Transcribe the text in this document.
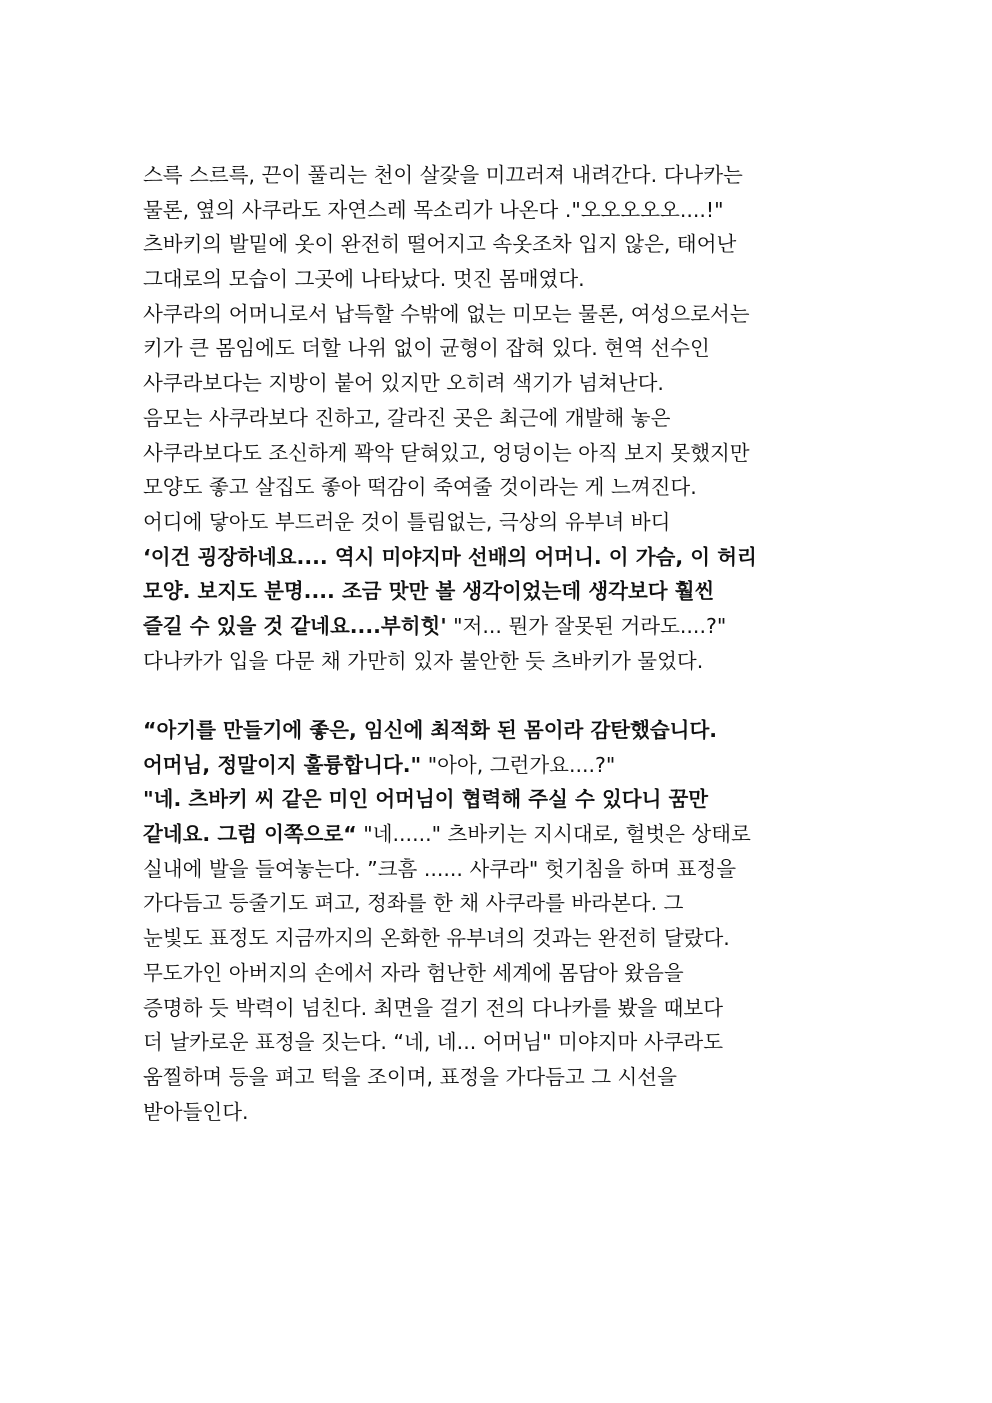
스륵 스르륵, 끈이 풀리는 천이 살갗을 미끄러져 내려간다. 다나카는
물론, 옆의 사쿠라도 자연스레 목소리가 나온다 ."오오오오오....!"
츠바키의 발밑에 옷이 완전히 떨어지고 속옷조차 입지 않은, 태어난
그대로의 모습이 그곳에 나타났다. 멋진 몸매였다.
사쿠라의 어머니로서 납득할 수밖에 없는 미모는 물론, 여성으로서는
키가 큰 몸임에도 더할 나위 없이 균형이 잡혀 있다. 현역 선수인
사쿠라보다는 지방이 붙어 있지만 오히려 색기가 넘쳐난다.
음모는 사쿠라보다 진하고, 갈라진 곳은 최근에 개발해 놓은
사쿠라보다도 조신하게 꽉악 닫혀있고, 엉덩이는 아직 보지 못했지만
모양도 좋고 살집도 좋아 떡감이 죽여줄 것이라는 게 느껴진다.
어디에 닿아도 부드러운 것이 틀림없는, 극상의 유부녀 바디
‘이건 굉장하네요.... 역시 미야지마 선배의 어머니. 이 가슴, 이 허리
모양. 보지도 분명.... 조금 맛만 볼 생각이었는데 생각보다 훨씬
즐길 수 있을 것 같네요....부히힛' "저... 뭔가 잘못된 거라도....?"
다나카가 입을 다문 채 가만히 있자 불안한 듯 츠바키가 물었다.
“아기를 만들기에 좋은, 임신에 최적화 된 몸이라 감탄했습니다.
어머님, 정말이지 훌륭합니다." "아아, 그런가요....?"
"네. 츠바키 씨 같은 미인 어머님이 협력해 주실 수 있다니 꿈만
같네요. 그럼 이쪽으로“ "네......" 츠바키는 지시대로, 헐벗은 상태로
실내에 발을 들여놓는다. ”크흠 ...... 사쿠라" 헛기침을 하며 표정을
가다듬고 등줄기도 펴고, 정좌를 한 채 사쿠라를 바라본다. 그
눈빛도 표정도 지금까지의 온화한 유부녀의 것과는 완전히 달랐다.
무도가인 아버지의 손에서 자라 험난한 세계에 몸담아 왔음을
증명하 듯 박력이 넘친다. 최면을 걸기 전의 다나카를 봤을 때보다
더 날카로운 표정을 짓는다. “네, 네... 어머님" 미야지마 사쿠라도
움찔하며 등을 펴고 턱을 조이며, 표정을 가다듬고 그 시선을
받아들인다.
